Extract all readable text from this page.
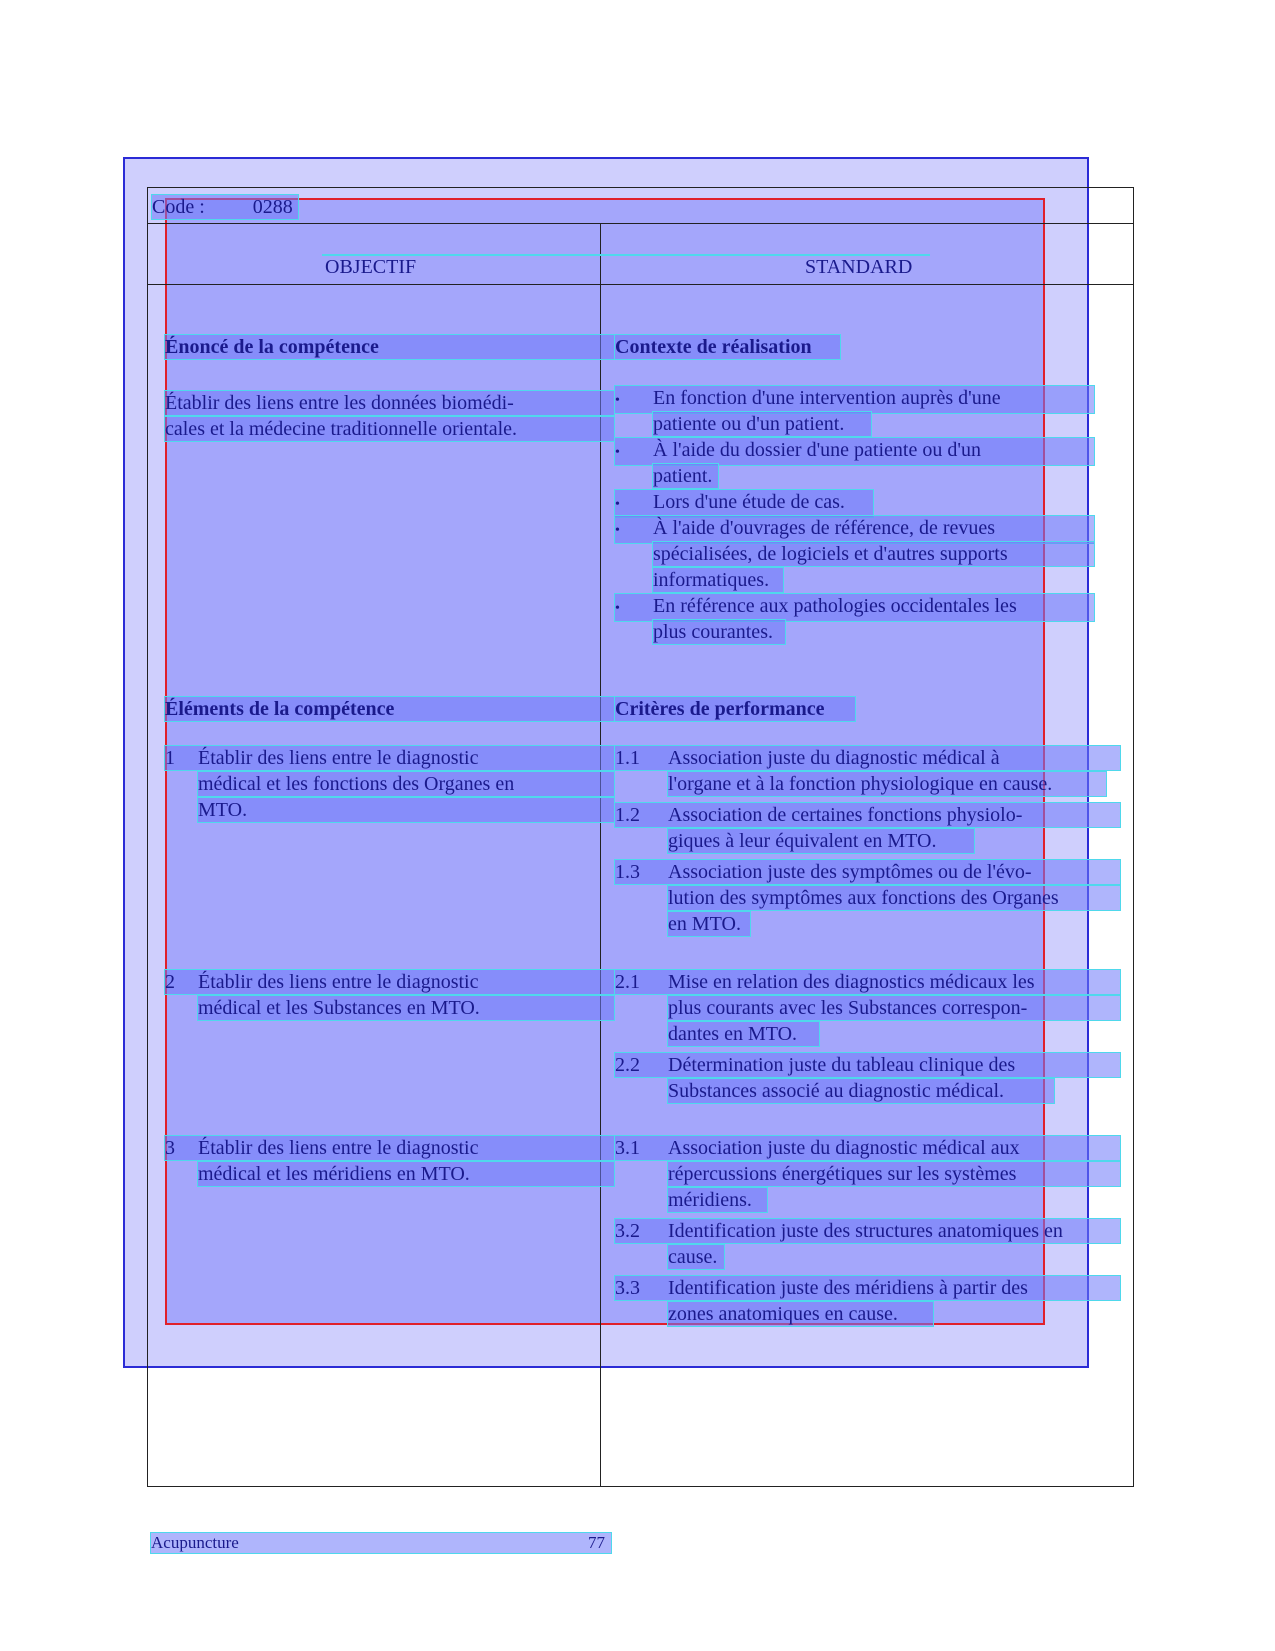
Code : 0288
OBJECTIF	STANDARD
Énoncé de la compétence
Établir des liens entre les données biomédi-
cales et la médecine traditionnelle orientale.
Contexte de réalisation
• En fonction d'une intervention auprès d'une
patiente ou d'un patient.
• À l'aide du dossier d'une patiente ou d'un
patient.
• Lors d'une étude de cas.
• À l'aide d'ouvrages de référence, de revues
spécialisées, de logiciels et d'autres supports
informatiques.
• En référence aux pathologies occidentales les
plus courantes.
Éléments de la compétence
1 Établir des liens entre le diagnostic
médical et les fonctions des Organes en
MTO.
2 Établir des liens entre le diagnostic
médical et les Substances en MTO.
3 Établir des liens entre le diagnostic
médical et les méridiens en MTO.
Critères de performance
1.1 Association juste du diagnostic médical à
l'organe et à la fonction physiologique en cause.
1.2 Association de certaines fonctions physiolo-
giques à leur équivalent en MTO.
1.3 Association juste des symptômes ou de l'évo-
lution des symptômes aux fonctions des Organes
en MTO.
2.1 Mise en relation des diagnostics médicaux les
plus courants avec les Substances correspon-
dantes en MTO.
2.2 Détermination juste du tableau clinique des
Substances associé au diagnostic médical.
3.1 Association juste du diagnostic médical aux
répercussions énergétiques sur les systèmes
méridiens.
3.2 Identification juste des structures anatomiques en
cause.
3.3 Identification juste des méridiens à partir des
zones anatomiques en cause.
Acupuncture	77
